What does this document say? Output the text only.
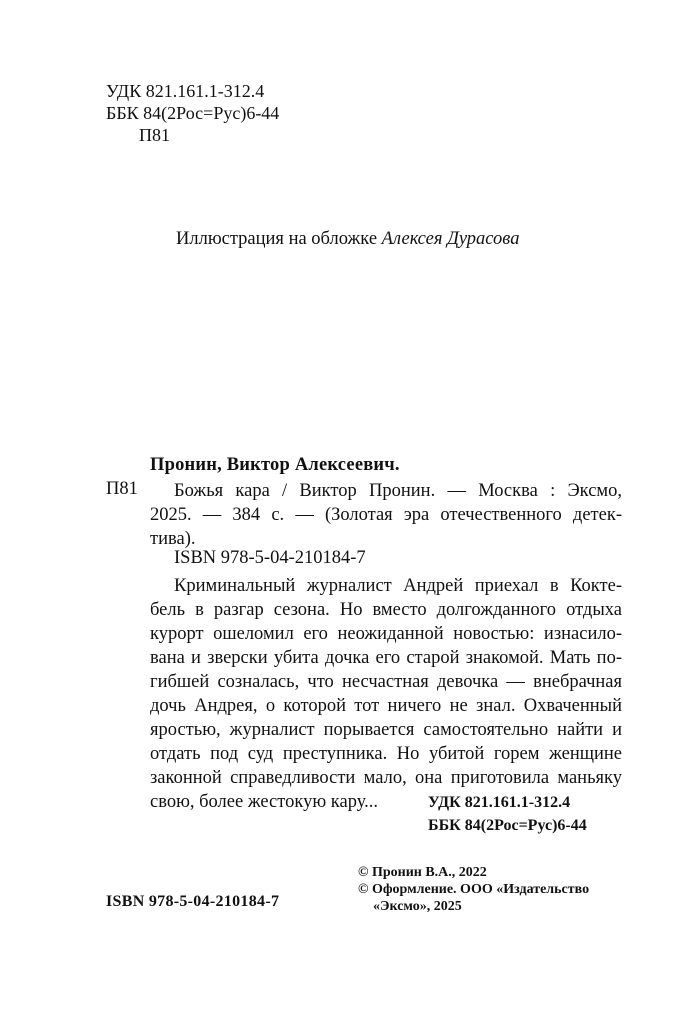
УДК 821.161.1-312.4
ББК 84(2Рос=Рус)6-44
П81
Иллюстрация на обложке Алексея Дурасова
Пронин, Виктор Алексеевич.
П81	Божья кара / Виктор Пронин. — Москва : Эксмо,
2025. — 384 с. — (Золотая эра отечественного детек-
тива).
ISBN 978-5-04-210184-7
Криминальный журналист Андрей приехал в Коктe-
бель в разгар сезона. Но вместо долгожданного отдыха
курорт ошеломил его неожиданной новостью: изнасило-
вана и зверски убита дочка его старой знакомой. Мать по-
гибшей созналась, что несчастная девочка — внебрачная
дочь Андрея, о которой тот ничего не знал. Охваченный
яростью, журналист порывается самостоятельно найти и
отдать под суд преступника. Но убитой горем женщине
законной справедливости мало, она приготовила маньяку
свою, более жестокую кару...	УДК 821.161.1-312.4
ББК 84(2Рос=Рус)6-44
© Пронин В.А., 2022
© Оформление. ООО «Издательство
«Эксмо», 2025
ISBN 978-5-04-210184-7
